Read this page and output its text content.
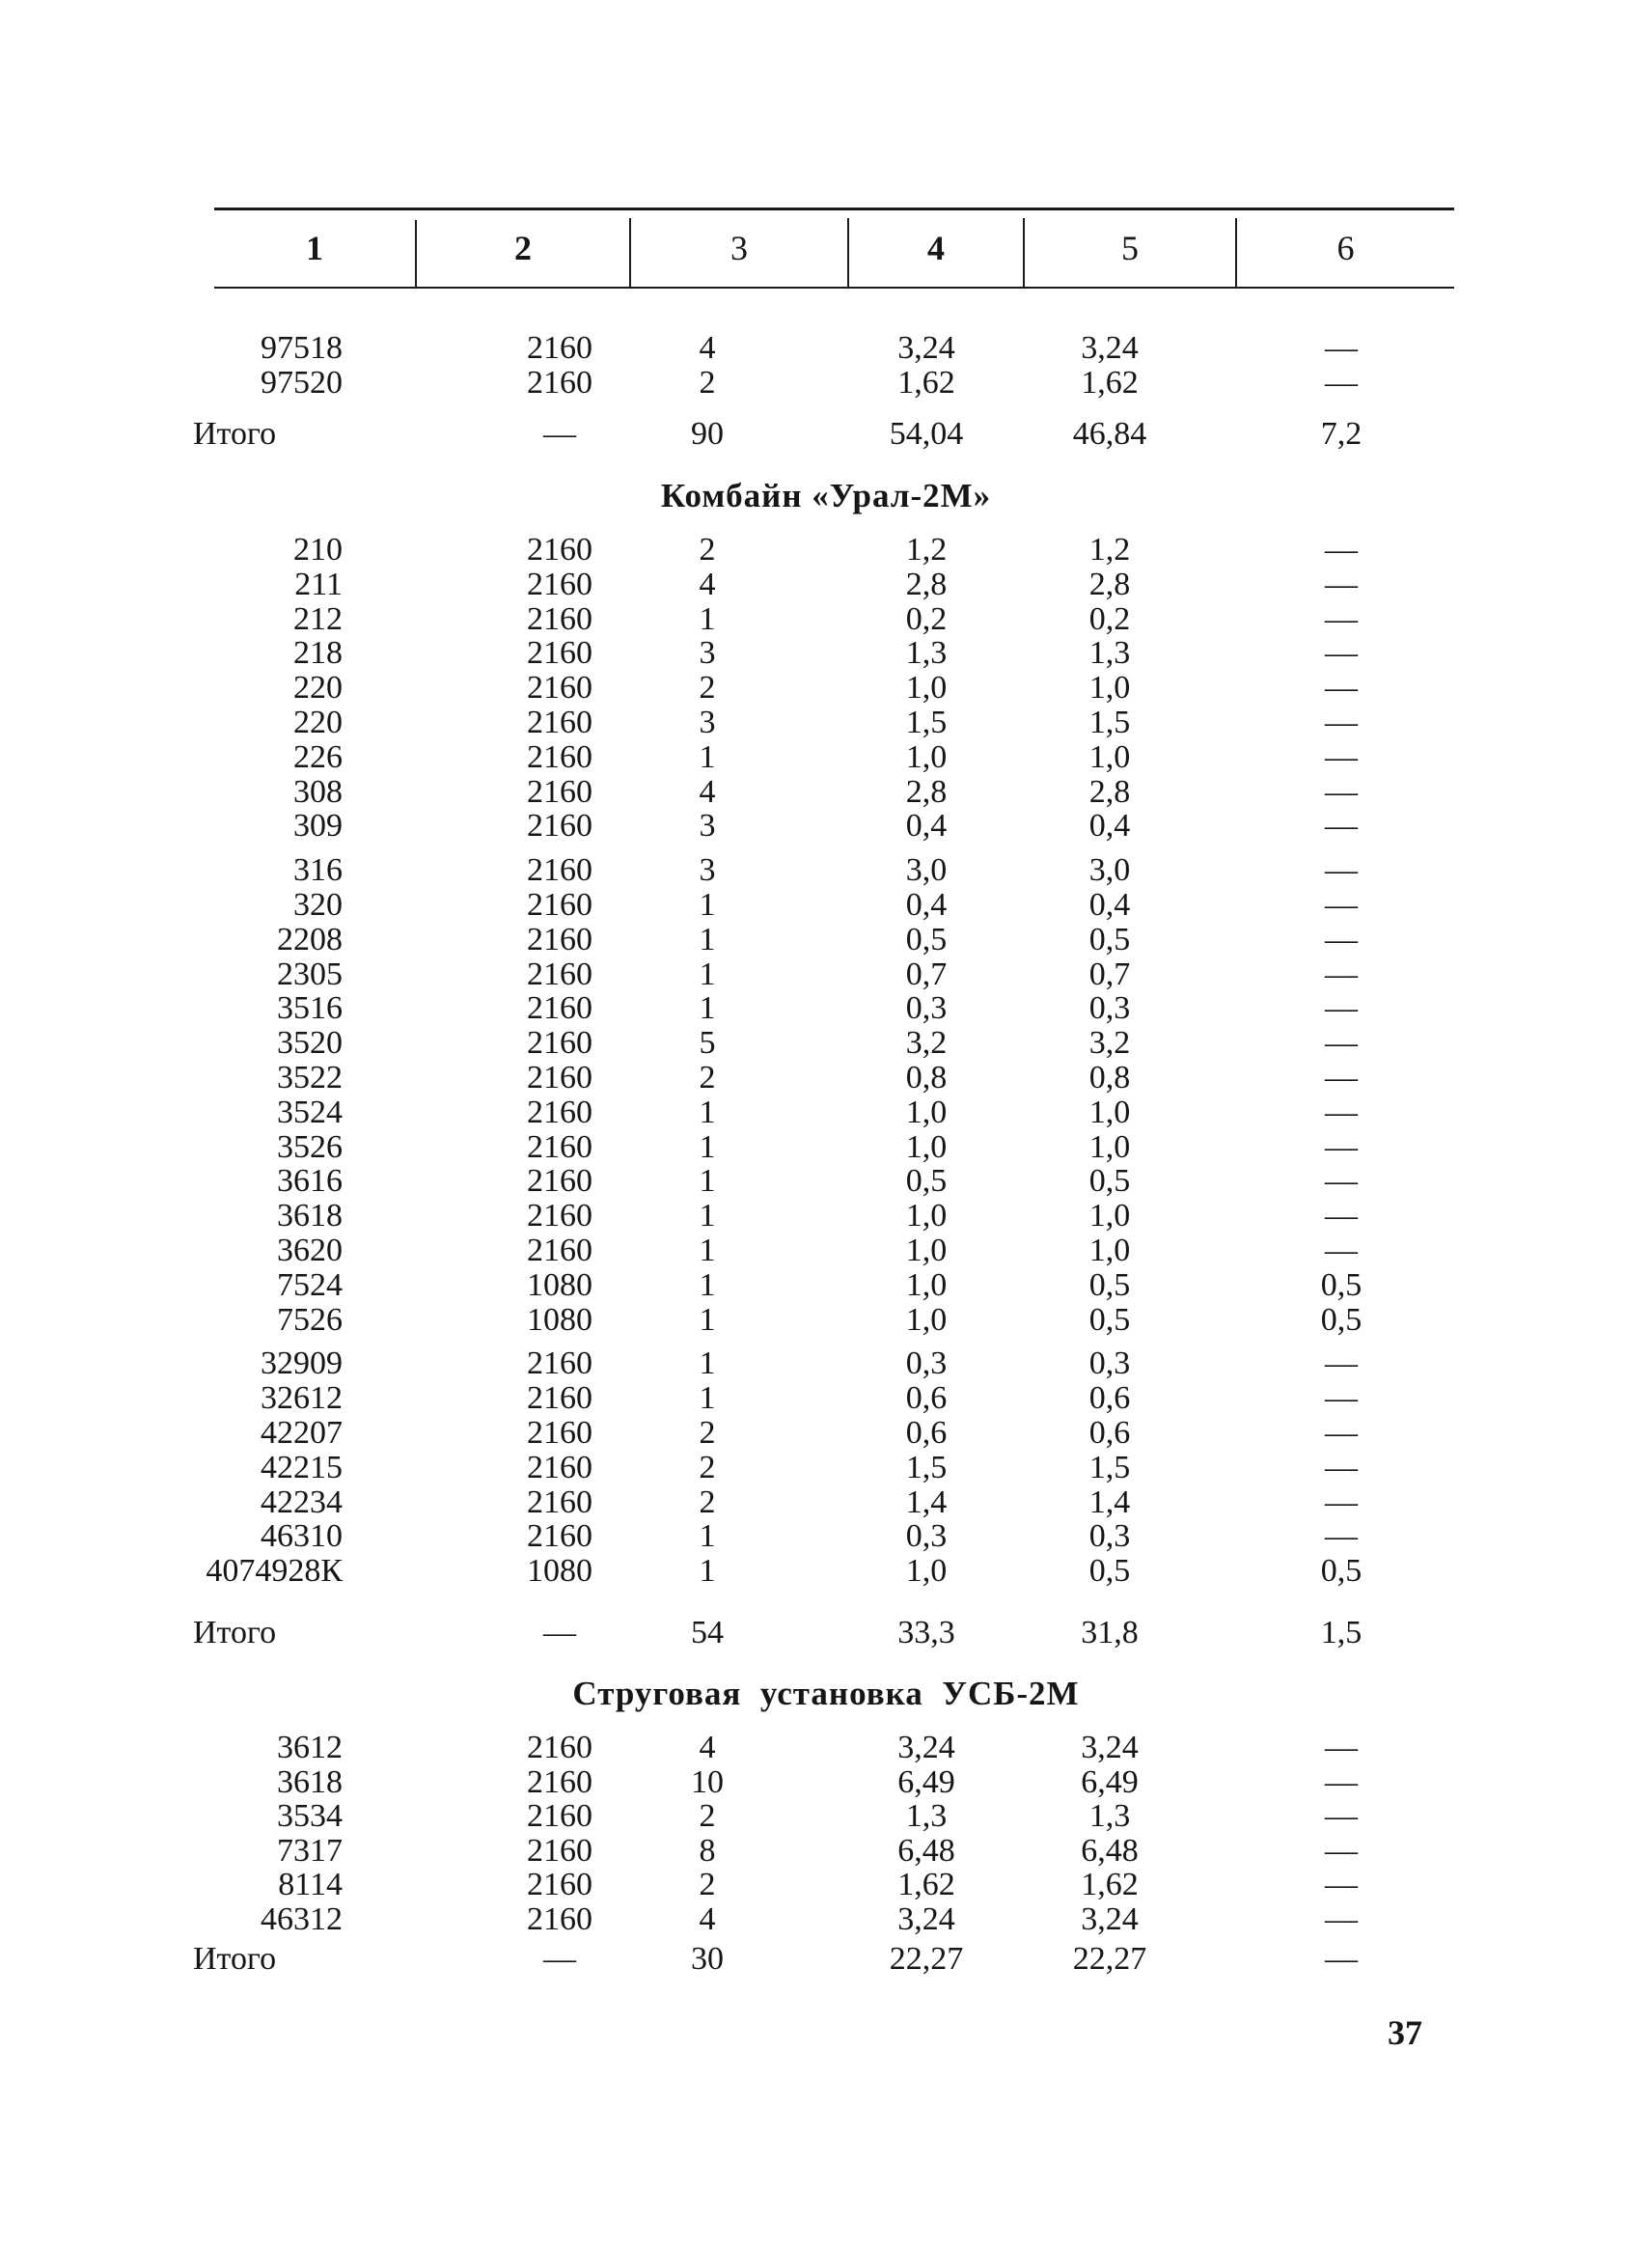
1	2	3	4	5	6
37
97518	2160	4	3,24	3,24	—
97520	2160	2	1,62	1,62	—
Итого	—	90	54,04	46,84	7,2
Комбайн «Урал-2М»
210	2160	2	1,2	1,2	—
211	2160	4	2,8	2,8	—
212	2160	1	0,2	0,2	—
218	2160	3	1,3	1,3	—
220	2160	2	1,0	1,0	—
220	2160	3	1,5	1,5	—
226	2160	1	1,0	1,0	—
308	2160	4	2,8	2,8	—
309	2160	3	0,4	0,4	—
316	2160	3	3,0	3,0	—
320	2160	1	0,4	0,4	—
2208	2160	1	0,5	0,5	—
2305	2160	1	0,7	0,7	—
3516	2160	1	0,3	0,3	—
3520	2160	5	3,2	3,2	—
3522	2160	2	0,8	0,8	—
3524	2160	1	1,0	1,0	—
3526	2160	1	1,0	1,0	—
3616	2160	1	0,5	0,5	—
3618	2160	1	1,0	1,0	—
3620	2160	1	1,0	1,0	—
7524	1080	1	1,0	0,5	0,5
7526	1080	1	1,0	0,5	0,5
32909	2160	1	0,3	0,3	—
32612	2160	1	0,6	0,6	—
42207	2160	2	0,6	0,6	—
42215	2160	2	1,5	1,5	—
42234	2160	2	1,4	1,4	—
46310	2160	1	0,3	0,3	—
4074928К	1080	1	1,0	0,5	0,5
Итого	—	54	33,3	31,8	1,5
Струговая  установка  УСБ-2М
3612	2160	4	3,24	3,24	—
3618	2160	10	6,49	6,49	—
3534	2160	2	1,3	1,3	—
7317	2160	8	6,48	6,48	—
8114	2160	2	1,62	1,62	—
46312	2160	4	3,24	3,24	—
Итого	—	30	22,27	22,27	—
